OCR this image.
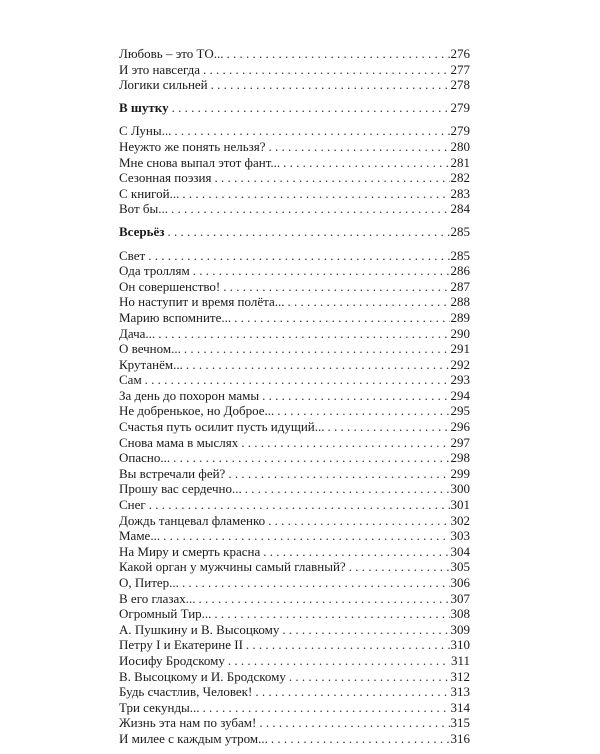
Любовь – это ТО... . . .	276
И это навсегда . . .	277
Логики сильней . . .	278
В шутку . . .	279
С Луны... . . .	279
Неужто же понять нельзя? . . .	280
Мне снова выпал этот фант... . . .	281
Сезонная поэзия . . .	282
С книгой... . . .	283
Вот бы... . . .	284
Всерьёз . . .	285
Свет . . .	285
Ода троллям . . .	286
Он совершенство! . . .	287
Но наступит и время полёта... . . .	288
Марию вспомните... . . .	289
Дача... . . .	290
О вечном... . . .	291
Крутанём... . . .	292
Сам . . .	293
За день до похорон мамы . . .	294
Не добренькое, но Доброе... . . .	295
Счастья путь осилит пусть идущий... . . .	296
Снова мама в мыслях . . .	297
Опасно... . . .	298
Вы встречали фей? . . .	299
Прошу вас сердечно... . . .	300
Снег . . .	301
Дождь танцевал фламенко . . .	302
Маме... . . .	303
На Миру и смерть красна . . .	304
Какой орган у мужчины самый главный? . . .	305
О, Питер... . . .	306
В его глазах... . . .	307
Огромный Тир... . . .	308
А. Пушкину и В. Высоцкому . . .	309
Петру I и Екатерине II . . .	310
Иосифу Бродскому . . .	311
В. Высоцкому и И. Бродскому . . .	312
Будь счастлив, Человек! . . .	313
Три секунды... . . .	314
Жизнь эта нам по зубам! . . .	315
И милее с каждым утром... . . .	316
